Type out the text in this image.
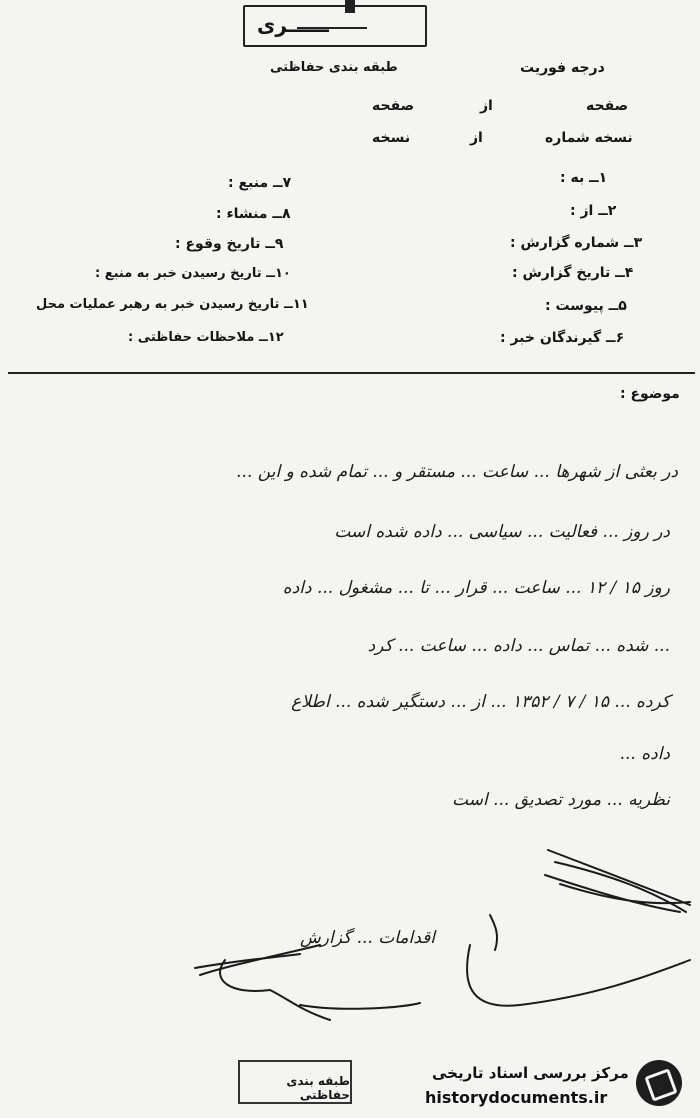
ــــــری
طبقه بندی حفاظتی	درجه فوریت
صفحه
از
صفحه
نسخه شماره
از
نسخه
۱ــ به :
۲ــ از :
۳ــ شماره گزارش :
۴ــ تاریخ گزارش :
۵ــ پیوست :
۶ــ گیرندگان خبر :
۷ــ منبع :
۸ــ منشاء :
۹ــ تاریخ وقوع :
۱۰ــ تاریخ رسیدن خبر به منبع :
۱۱ــ تاریخ رسیدن خبر به رهبر عملیات محل
۱۲ــ ملاحظات حفاظتی :
موضوع :
در بعثی از شهرها ... ساعت ... مستقر و ... تمام شده و این ...
در روز ... فعالیت ... سیاسی ... داده شده است
روز ۱۵ / ۱۲ ... ساعت ... قرار ... تا ... مشغول ... داده
... شده ... تماس ... داده ... ساعت ... کرد
کرده ... ۱۵ / ۷ / ۱۳۵۲ ... از ... دستگیر شده ... اطلاع
داده ...
نظریه ... مورد تصدیق ... است
اقدامات ... گزارش
طبقه بندی حفاظتی
مرکز بررسی اسناد تاریخی
historydocuments.ir
